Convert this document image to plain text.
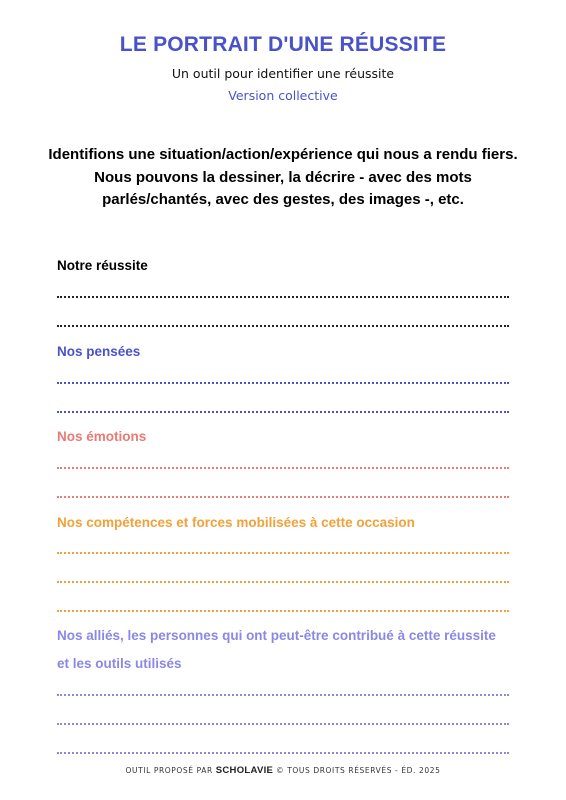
LE PORTRAIT D'UNE RÉUSSITE
Un outil pour identifier une réussite
Version collective
Identifions une situation/action/expérience qui nous a rendu fiers.
Nous pouvons la dessiner, la décrire - avec des mots
parlés/chantés, avec des gestes, des images -, etc.
Notre réussite
Nos pensées
Nos émotions
Nos compétences et forces mobilisées à cette occasion
Nos alliés, les personnes qui ont peut-être contribué à cette réussite
et les outils utilisés
OUTIL PROPOSÉ PAR SCHOLAVIE © TOUS DROITS RÉSERVÉS - ÉD. 2025
